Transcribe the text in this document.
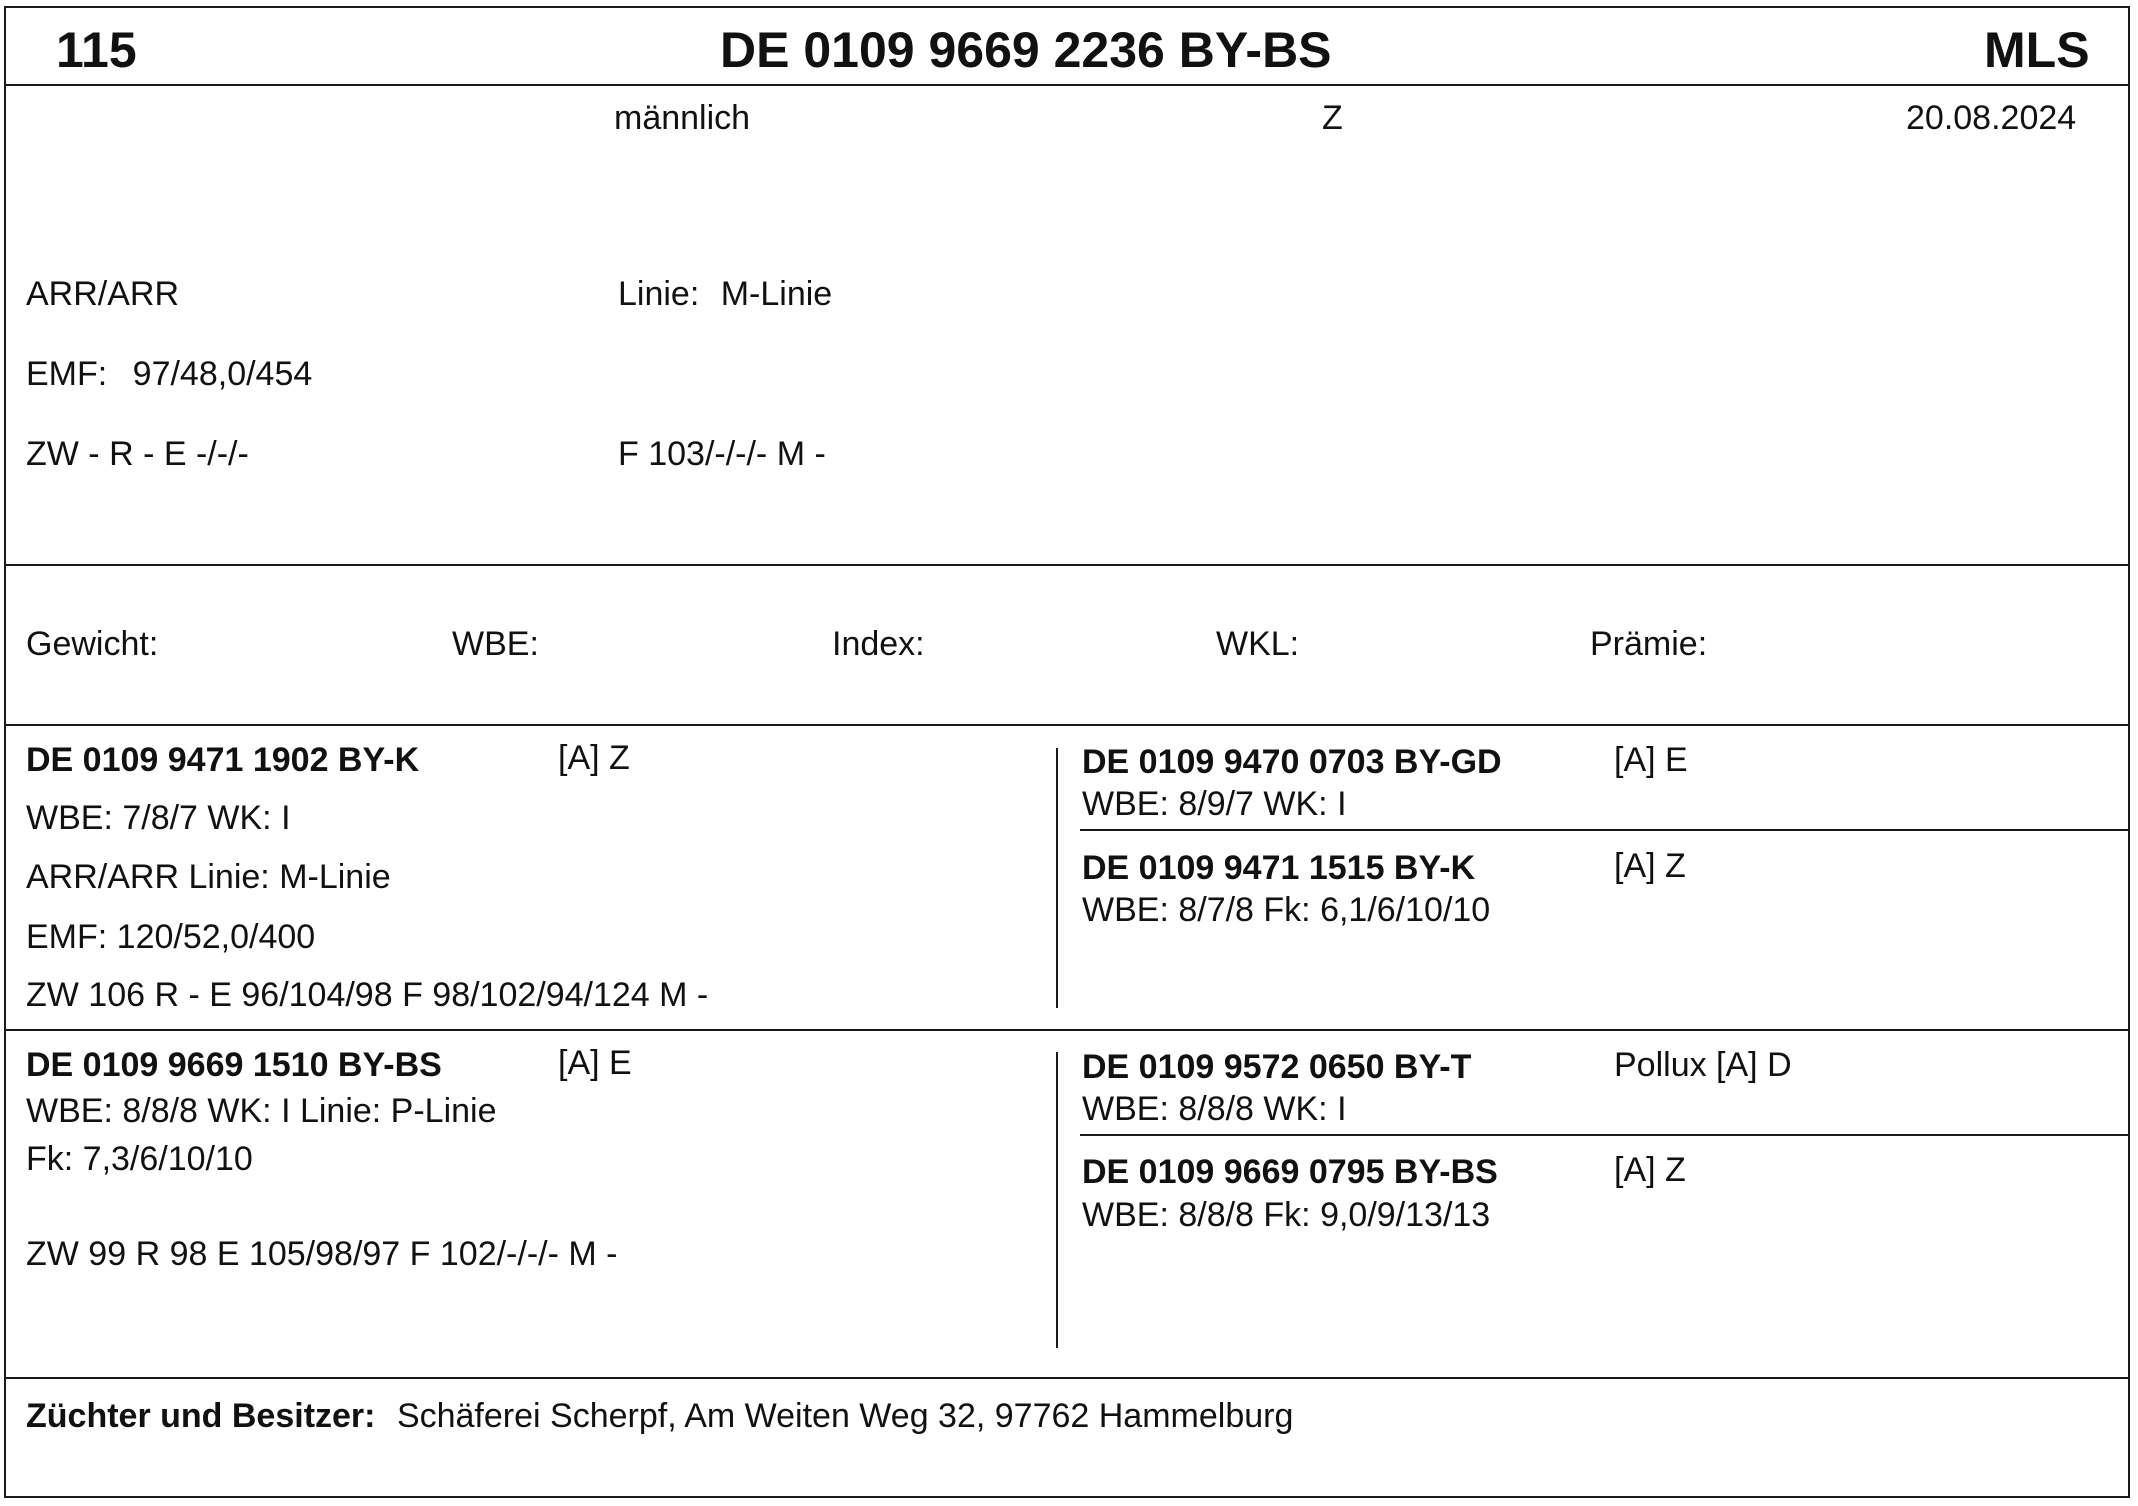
115	DE 0109 9669 2236 BY-BS	MLS
männlich	Z	20.08.2024
ARR/ARR	Linie: M-Linie
EMF: 97/48,0/454
ZW - R - E -/-/-	F 103/-/-/- M -
Gewicht:	WBE:	Index:	WKL:	Prämie:
DE 0109 9471 1902 BY-K	[A] Z
WBE: 7/8/7 WK: I
ARR/ARR Linie: M-Linie
EMF: 120/52,0/400
ZW 106 R - E 96/104/98 F 98/102/94/124 M -
DE 0109 9470 0703 BY-GD	[A] E
WBE: 8/9/7 WK: I
DE 0109 9471 1515 BY-K	[A] Z
WBE: 8/7/8 Fk: 6,1/6/10/10
DE 0109 9669 1510 BY-BS	[A] E
WBE: 8/8/8 WK: I Linie: P-Linie
Fk: 7,3/6/10/10
ZW 99 R 98 E 105/98/97 F 102/-/-/- M -
DE 0109 9572 0650 BY-T	Pollux [A] D
WBE: 8/8/8 WK: I
DE 0109 9669 0795 BY-BS	[A] Z
WBE: 8/8/8 Fk: 9,0/9/13/13
Züchter und Besitzer: Schäferei Scherpf, Am Weiten Weg 32, 97762 Hammelburg
